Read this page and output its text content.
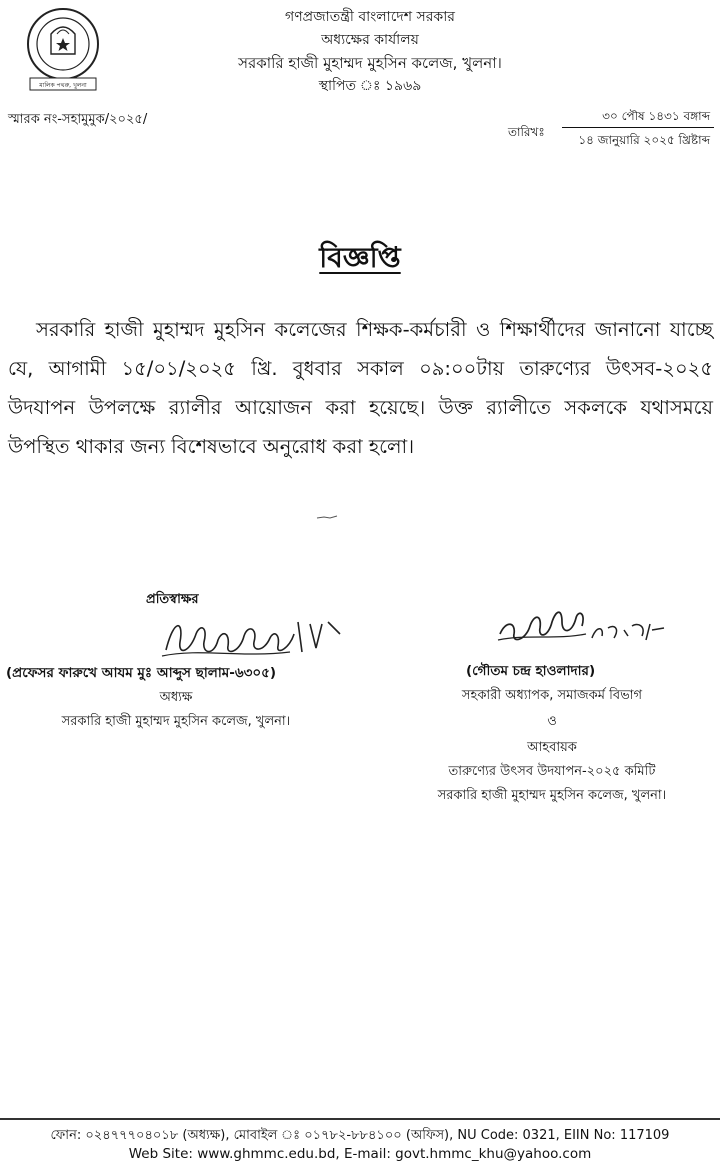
মালিক পথরু, খুলনা
গণপ্রজাতন্ত্রী বাংলাদেশ সরকার
অধ্যক্ষের কার্যালয়
সরকারি হাজী মুহাম্মদ মুহসিন কলেজ, খুলনা।
স্থাপিত ঃ ১৯৬৯
স্মারক নং-সহামুমুক/২০২৫/
তারিখঃ
৩০ পৌষ ১৪৩১ বঙ্গাব্দ
১৪ জানুয়ারি ২০২৫ খ্রিষ্টাব্দ
বিজ্ঞপ্তি

সরকারি হাজী মুহাম্মদ মুহসিন কলেজের শিক্ষক-কর্মচারী ও শিক্ষার্থীদের জানানো যাচ্ছে যে, আগামী ১৫/০১/২০২৫ খ্রি. বুধবার সকাল ০৯:০০টায় তারুণ্যের উৎসব-২০২৫ উদযাপন উপলক্ষে র‍্যালীর আয়োজন করা হয়েছে। উক্ত র‍্যালীতে সকলকে যথাসময়ে উপস্থিত থাকার জন্য বিশেষভাবে অনুরোধ করা হলো।

প্রতিস্বাক্ষর
(প্রফেসর ফারুখে আযম মুঃ আব্দুস ছালাম-৬৩০৫)
অধ্যক্ষ
সরকারি হাজী মুহাম্মদ মুহসিন কলেজ, খুলনা।
(গৌতম চন্দ্র হাওলাদার)
সহকারী অধ্যাপক, সমাজকর্ম বিভাগ
ও
আহবায়ক
তারুণ্যের উৎসব উদযাপন-২০২৫ কমিটি
সরকারি হাজী মুহাম্মদ মুহসিন কলেজ, খুলনা।
ফোন: ০২৪৭৭৭০৪০১৮ (অধ্যক্ষ), মোবাইল ঃ ০১৭৮২-৮৮৪১০০ (অফিস), NU Code: 0321, EIIN No: 117109
Web Site: www.ghmmc.edu.bd, E-mail: govt.hmmc_khu@yahoo.com
